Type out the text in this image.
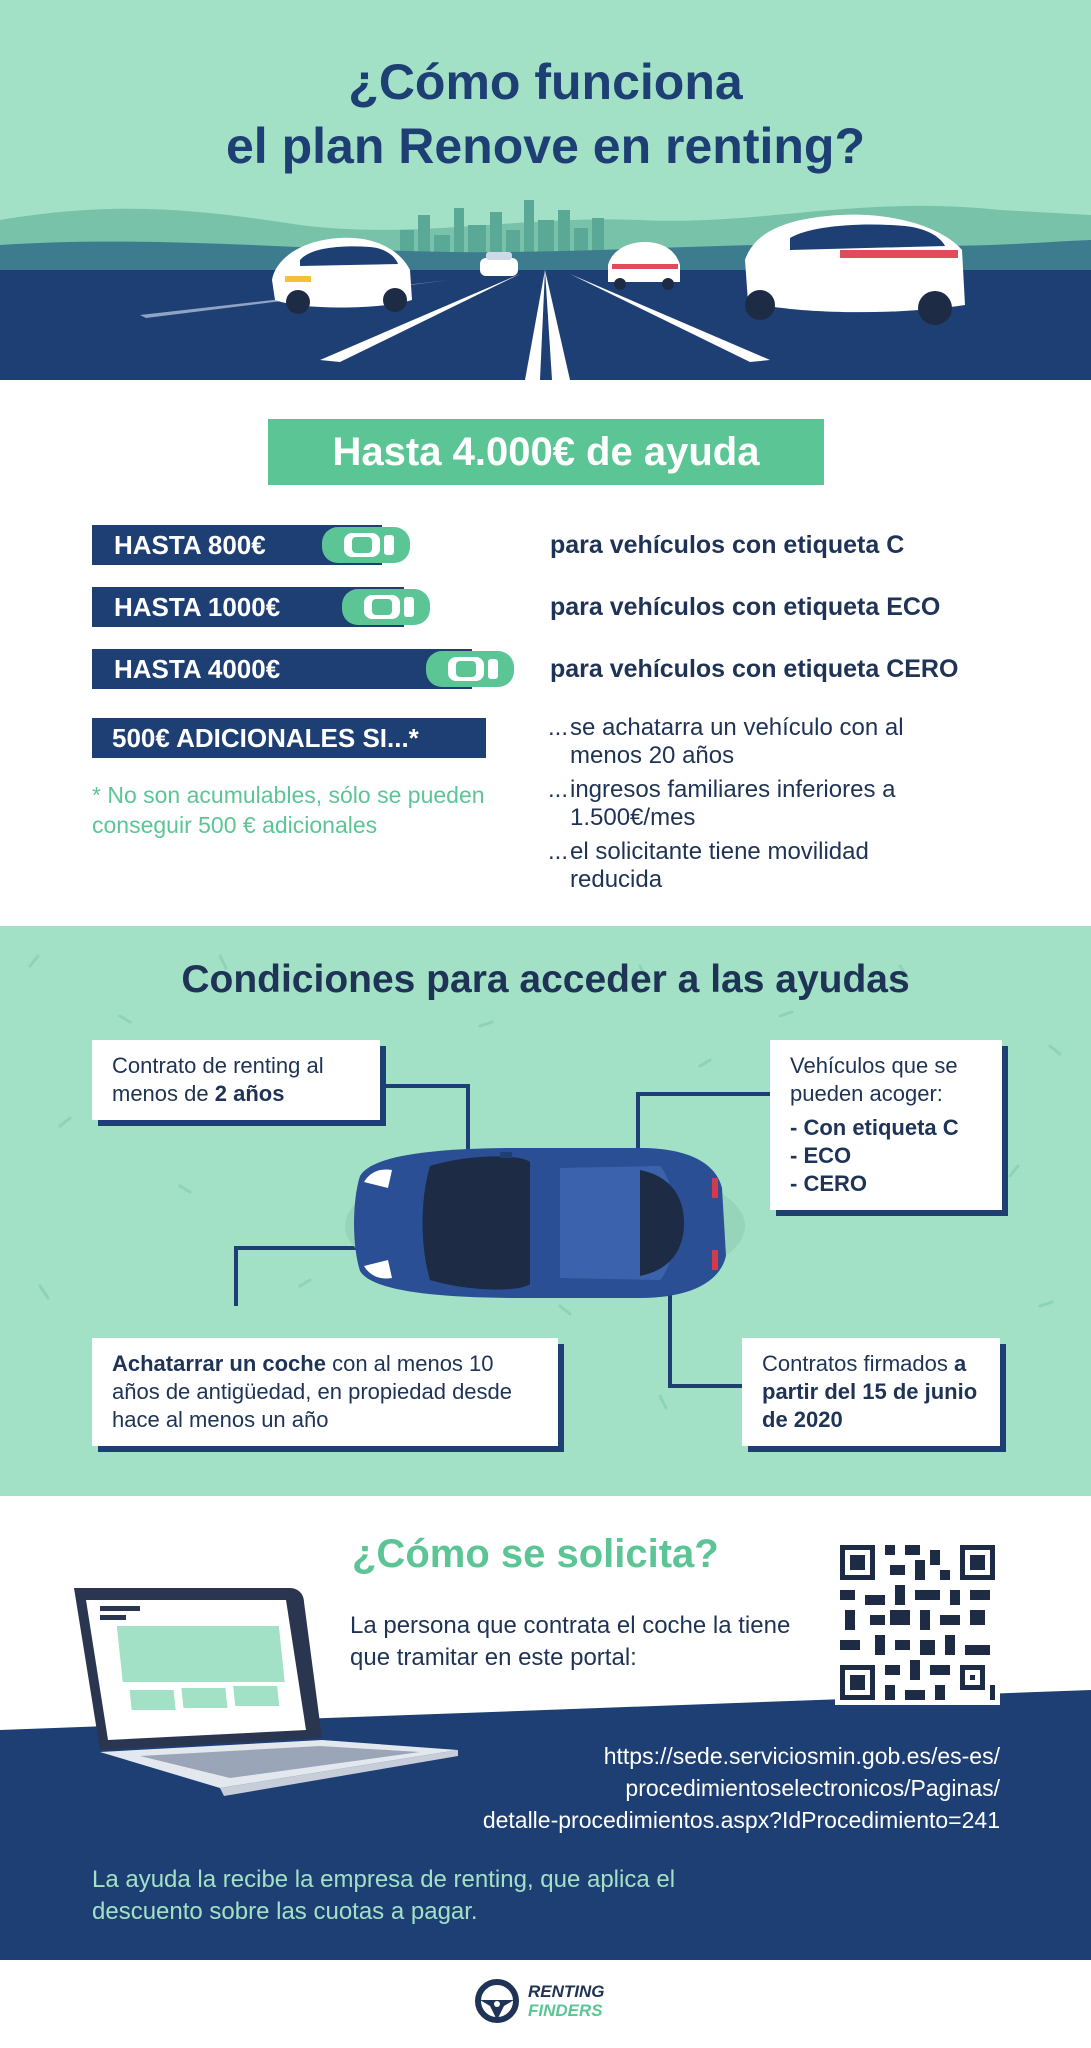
¿Cómo funciona
el plan Renove en renting?
Hasta 4.000€ de ayuda
HASTA 800€	para vehículos con etiqueta C
HASTA 1000€	para vehículos con etiqueta ECO
HASTA 4000€	para vehículos con etiqueta CERO
500€ ADICIONALES SI...*
* No son acumulables, sólo se pueden conseguir 500 € adicionales
...se achatarra un vehículo con al
menos 20 años
...ingresos familiares inferiores a
1.500€/mes
...el solicitante tiene movilidad
reducida
Condiciones para acceder a las ayudas
Contrato de renting al menos de 2 años
Vehículos que se pueden acoger:
- Con etiqueta C
- ECO
- CERO
Achatarrar un coche con al menos 10 años de antigüedad, en propiedad desde hace al menos un año
Contratos firmados a partir del 15 de junio de 2020
¿Cómo se solicita?
La persona que contrata el coche la tiene que tramitar en este portal:
https://sede.serviciosmin.gob.es/es-es/
procedimientoselectronicos/Paginas/
detalle-procedimientos.aspx?IdProcedimiento=241
La ayuda la recibe la empresa de renting, que aplica el descuento sobre las cuotas a pagar.
RENTING
FINDERS
